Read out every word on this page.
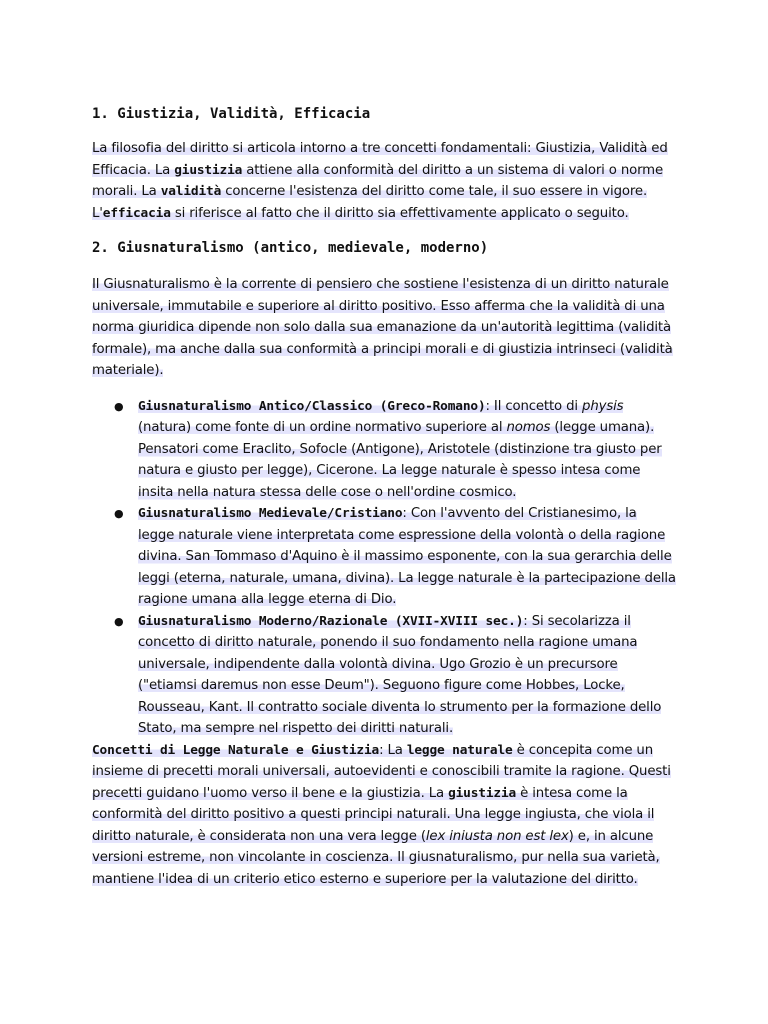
1. Giustizia, Validità, Efficacia

La filosofia del diritto si articola intorno a tre concetti fondamentali: Giustizia, Validità ed Efficacia. La giustizia attiene alla conformità del diritto a un sistema di valori o norme morali. La validità concerne l'esistenza del diritto come tale, il suo essere in vigore. L'efficacia si riferisce al fatto che il diritto sia effettivamente applicato o seguito.

2. Giusnaturalismo (antico, medievale, moderno)

Il Giusnaturalismo è la corrente di pensiero che sostiene l'esistenza di un diritto naturale universale, immutabile e superiore al diritto positivo. Esso afferma che la validità di una norma giuridica dipende non solo dalla sua emanazione da un'autorità legittima (validità formale), ma anche dalla sua conformità a principi morali e di giustizia intrinseci (validità materiale).

● Giusnaturalismo Antico/Classico (Greco-Romano): Il concetto di physis (natura) come fonte di un ordine normativo superiore al nomos (legge umana). Pensatori come Eraclito, Sofocle (Antigone), Aristotele (distinzione tra giusto per natura e giusto per legge), Cicerone. La legge naturale è spesso intesa come insita nella natura stessa delle cose o nell'ordine cosmico.
● Giusnaturalismo Medievale/Cristiano: Con l'avvento del Cristianesimo, la legge naturale viene interpretata come espressione della volontà o della ragione divina. San Tommaso d'Aquino è il massimo esponente, con la sua gerarchia delle leggi (eterna, naturale, umana, divina). La legge naturale è la partecipazione della ragione umana alla legge eterna di Dio.
● Giusnaturalismo Moderno/Razionale (XVII-XVIII sec.): Si secolarizza il concetto di diritto naturale, ponendo il suo fondamento nella ragione umana universale, indipendente dalla volontà divina. Ugo Grozio è un precursore ("etiamsi daremus non esse Deum"). Seguono figure come Hobbes, Locke, Rousseau, Kant. Il contratto sociale diventa lo strumento per la formazione dello Stato, ma sempre nel rispetto dei diritti naturali.

Concetti di Legge Naturale e Giustizia: La legge naturale è concepita come un insieme di precetti morali universali, autoevidenti e conoscibili tramite la ragione. Questi precetti guidano l'uomo verso il bene e la giustizia. La giustizia è intesa come la conformità del diritto positivo a questi principi naturali. Una legge ingiusta, che viola il diritto naturale, è considerata non una vera legge (lex iniusta non est lex) e, in alcune versioni estreme, non vincolante in coscienza. Il giusnaturalismo, pur nella sua varietà, mantiene l'idea di un criterio etico esterno e superiore per la valutazione del diritto.
